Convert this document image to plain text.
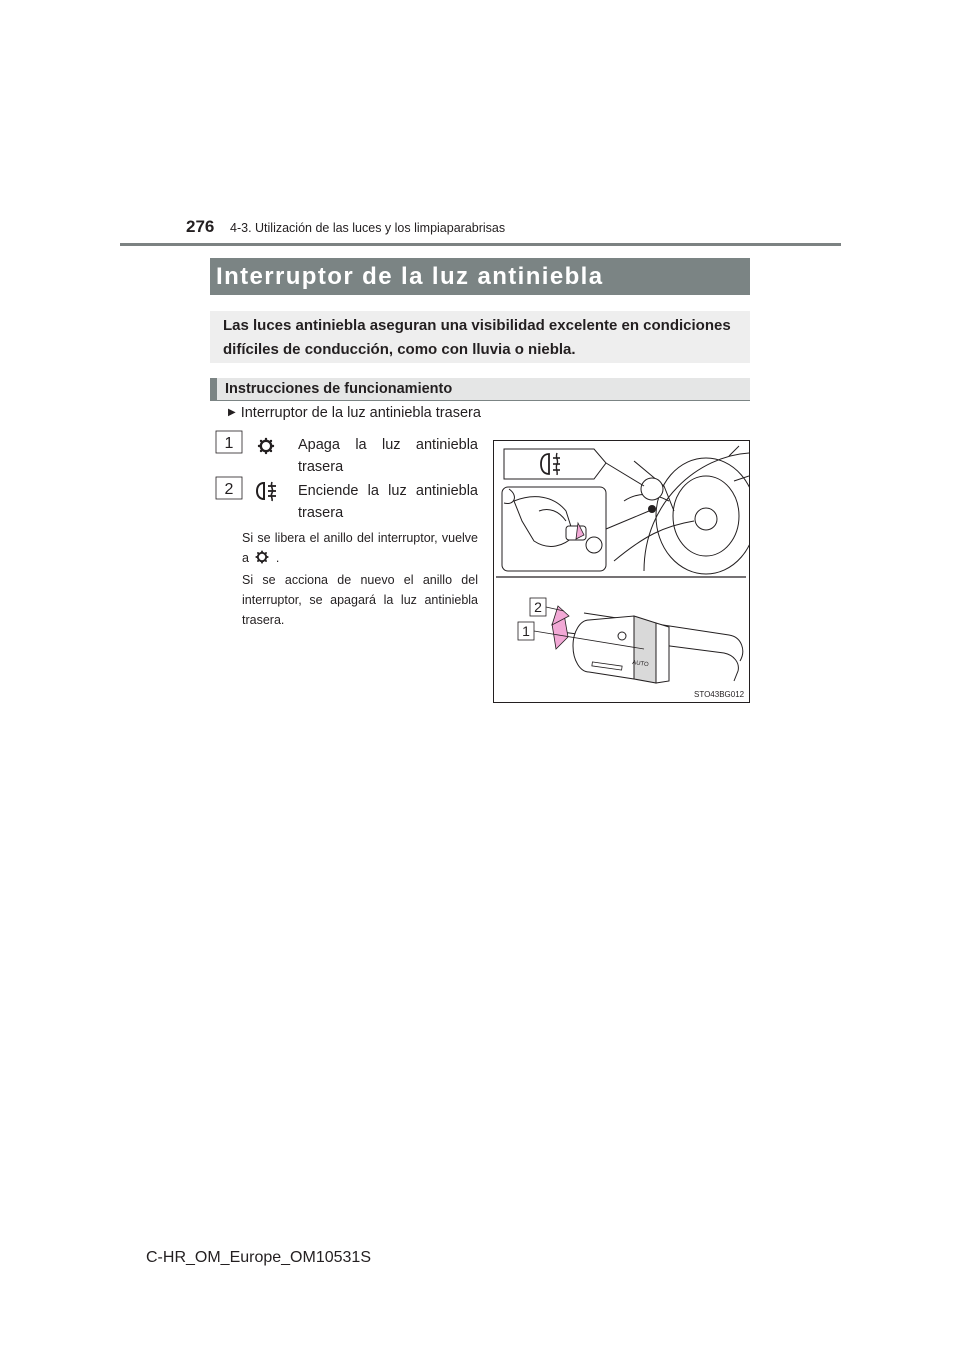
276 4-3. Utilización de las luces y los limpiaparabrisas
Interruptor de la luz antiniebla
Las luces antiniebla aseguran una visibilidad excelente en condiciones difíciles de conducción, como con lluvia o niebla.
Instrucciones de funcionamiento
▶ Interruptor de la luz antiniebla trasera
1	Apaga la luz antiniebla
trasera
2	Enciende la luz antiniebla
trasera
Si se libera el anillo del interruptor, vuelve a .
Si se acciona de nuevo el anillo del interruptor, se apagará la luz antiniebla trasera.
AUTO
2
1
STO43BG012
C-HR_OM_Europe_OM10531S
